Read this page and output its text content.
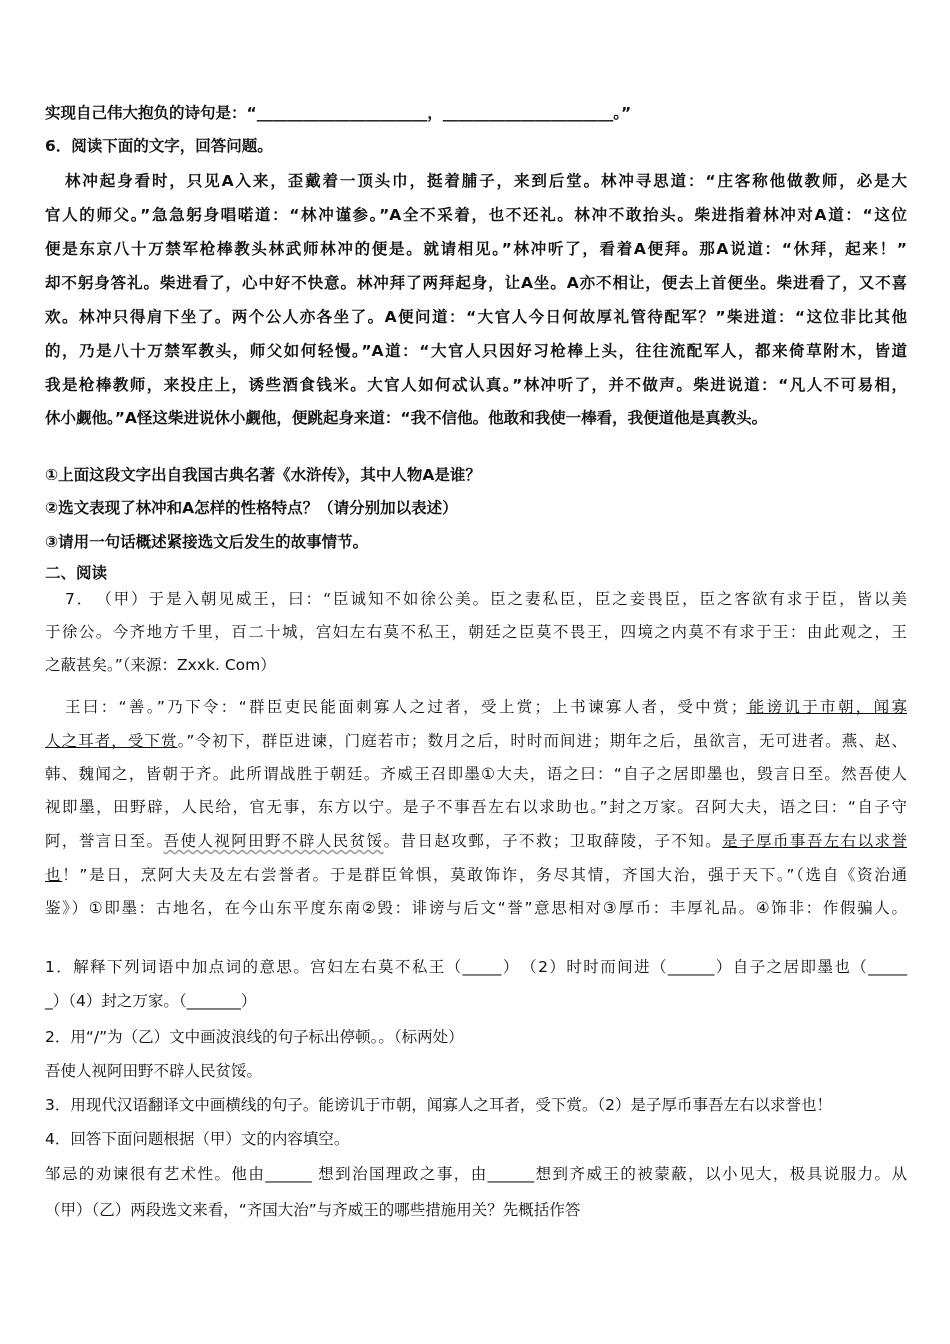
实现自己伟大抱负的诗句是：“______________________，______________________。”
6．阅读下面的文字，回答问题。
林冲起身看时，只见A入来，歪戴着一顶头巾，挺着脯子，来到后堂。林冲寻思道：“庄客称他做教师，必是大
官人的师父。”急急躬身唱喏道：“林冲谨参。”A全不采着，也不还礼。林冲不敢抬头。柴进指着林冲对A道：“这位
便是东京八十万禁军枪棒教头林武师林冲的便是。就请相见。”林冲听了，看着A便拜。那A说道：“休拜，起来！”
却不躬身答礼。柴进看了，心中好不快意。林冲拜了两拜起身，让A坐。A亦不相让，便去上首便坐。柴进看了，又不喜
欢。林冲只得肩下坐了。两个公人亦各坐了。A便问道：“大官人今日何故厚礼管待配军？”柴进道：“这位非比其他
的，乃是八十万禁军教头，师父如何轻慢。”A道：“大官人只因好习枪棒上头，往往流配军人，都来倚草附木，皆道
我是枪棒教师，来投庄上，诱些酒食钱米。大官人如何忒认真。”林冲听了，并不做声。柴进说道：“凡人不可易相，
休小觑他。”A怪这柴进说休小觑他，便跳起身来道：“我不信他。他敢和我使一棒看，我便道他是真教头。
①上面这段文字出自我国古典名著《水浒传》，其中人物A是谁？
②选文表现了林冲和A怎样的性格特点？（请分别加以表述）
③请用一句话概述紧接选文后发生的故事情节。
二、阅读
7．　（甲）于是入朝见威王，曰：“臣诚知不如徐公美。臣之妻私臣，臣之妾畏臣，臣之客欲有求于臣，皆以美
于徐公。今齐地方千里，百二十城，宫妇左右莫不私王，朝廷之臣莫不畏王，四境之内莫不有求于王：由此观之，王
之蔽甚矣。”（来源：Zxxk. Com）
王曰：“善。”乃下令：“群臣吏民能面刺寡人之过者，受上赏；上书谏寡人者，受中赏；能谤讥于市朝，闻寡
人之耳者，受下赏。”令初下，群臣进谏，门庭若市；数月之后，时时而间进；期年之后，虽欲言，无可进者。燕、赵、
韩、魏闻之，皆朝于齐。此所谓战胜于朝廷。齐威王召即墨①大夫，语之曰：“自子之居即墨也，毁言日至。然吾使人
视即墨，田野辟，人民给，官无事，东方以宁。是子不事吾左右以求助也。”封之万家。召阿大夫，语之曰：“自子守
阿，誉言日至。吾使人视阿田野不辟人民贫馁。昔日赵攻鄄，子不救；卫取薛陵，子不知。是子厚币事吾左右以求誉
也！”是日，烹阿大夫及左右尝誉者。于是群臣耸惧，莫敢饰诈，务尽其情，齐国大治，强于天下。”（选自《资治通
鉴》）①即墨：古地名，在今山东平度东南②毁：诽谤与后文“誉”意思相对③厚币：丰厚礼品。④饰非：作假骗人。
1．解释下列词语中加点词的意思。宫妇左右莫不私王（_____）　（2）时时而间进（______）自子之居即墨也（_____
_）（4）封之万家。（_______）
2．用“/”为（乙）文中画波浪线的句子标出停顿。。（标两处）
吾使人视阿田野不辟人民贫馁。
3．用现代汉语翻译文中画横线的句子。能谤讥于市朝，闻寡人之耳者，受下赏。（2）是子厚币事吾左右以求誉也！
4．回答下面问题根据（甲）文的内容填空。
邹忌的劝谏很有艺术性。他由______ 想到治国理政之事，由______想到齐威王的被蒙蔽，以小见大，极具说服力。从
（甲）（乙）两段选文来看，“齐国大治”与齐威王的哪些措施用关？先概括作答
